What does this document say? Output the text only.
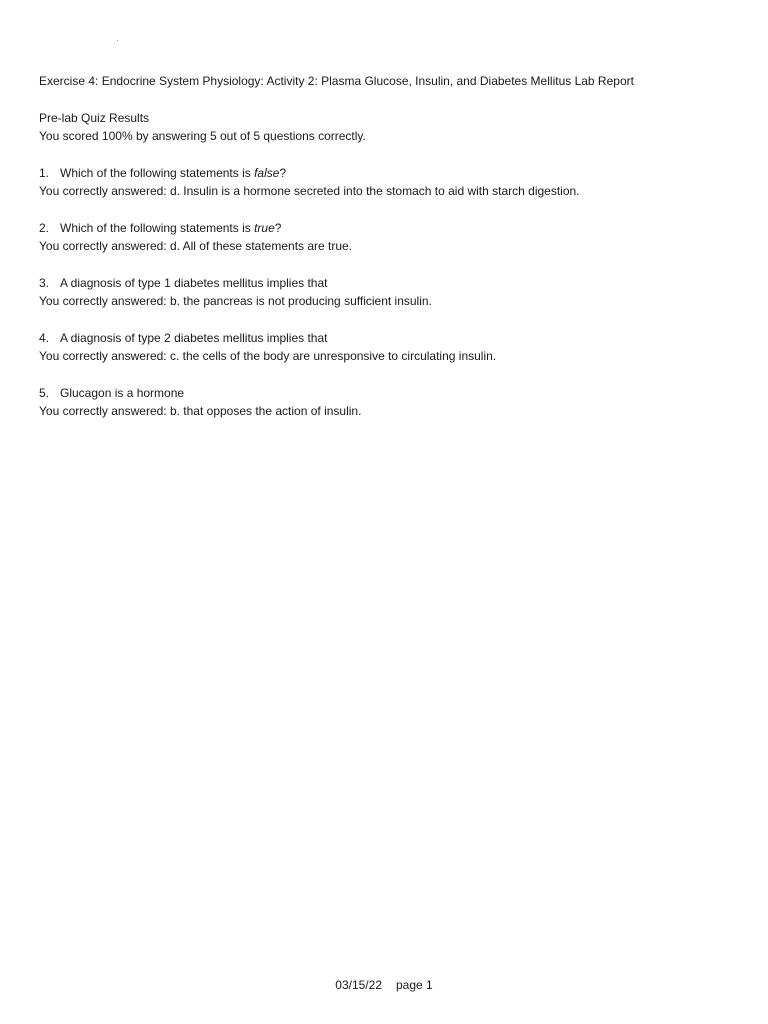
Exercise 4: Endocrine System Physiology: Activity 2: Plasma Glucose, Insulin, and Diabetes Mellitus Lab Report

Pre-lab Quiz Results

You scored 100% by answering 5 out of 5 questions correctly.

1. Which of the following statements is false?

You correctly answered: d. Insulin is a hormone secreted into the stomach to aid with starch digestion.

2. Which of the following statements is true?

You correctly answered: d. All of these statements are true.

3. A diagnosis of type 1 diabetes mellitus implies that

You correctly answered: b. the pancreas is not producing sufficient insulin.

4. A diagnosis of type 2 diabetes mellitus implies that

You correctly answered: c. the cells of the body are unresponsive to circulating insulin.

5. Glucagon is a hormone

You correctly answered: b. that opposes the action of insulin.

03/15/22 page 1
